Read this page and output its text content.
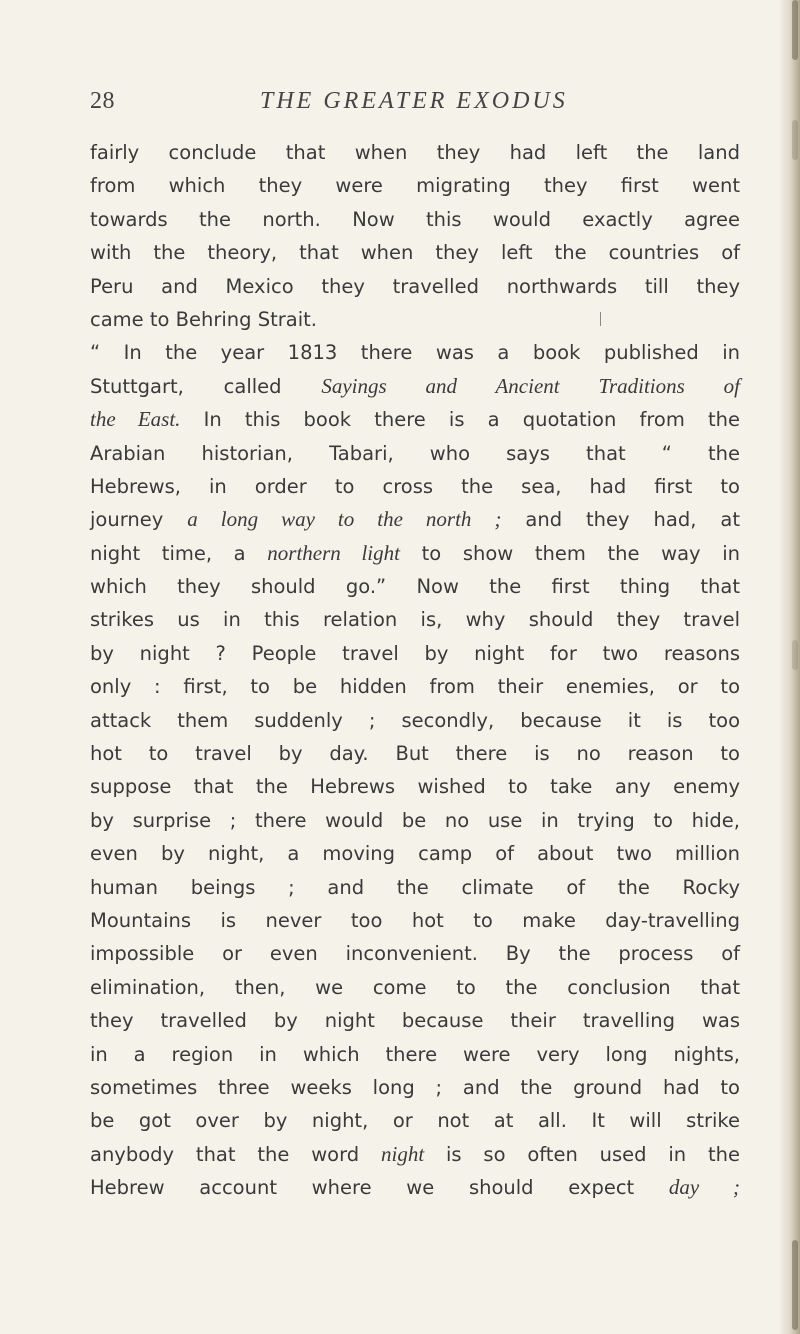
28	THE GREATER EXODUS
fairly conclude that when they had left the land
from which they were migrating they first went
towards the north. Now this would exactly agree
with the theory, that when they left the countries of
Peru and Mexico they travelled northwards till they
came to Behring Strait.
“ In the year 1813 there was a book published in
Stuttgart, called Sayings and Ancient Traditions of
the East. In this book there is a quotation from the
Arabian historian, Tabari, who says that “ the
Hebrews, in order to cross the sea, had first to
journey a long way to the north ; and they had, at
night time, a northern light to show them the way in
which they should go.” Now the first thing that
strikes us in this relation is, why should they travel
by night ? People travel by night for two reasons
only : first, to be hidden from their enemies, or to
attack them suddenly ; secondly, because it is too
hot to travel by day. But there is no reason to
suppose that the Hebrews wished to take any enemy
by surprise ; there would be no use in trying to hide,
even by night, a moving camp of about two million
human beings ; and the climate of the Rocky
Mountains is never too hot to make day-travelling
impossible or even inconvenient. By the process of
elimination, then, we come to the conclusion that
they travelled by night because their travelling was
in a region in which there were very long nights,
sometimes three weeks long ; and the ground had to
be got over by night, or not at all. It will strike
anybody that the word night is so often used in the
Hebrew account where we should expect day ;
